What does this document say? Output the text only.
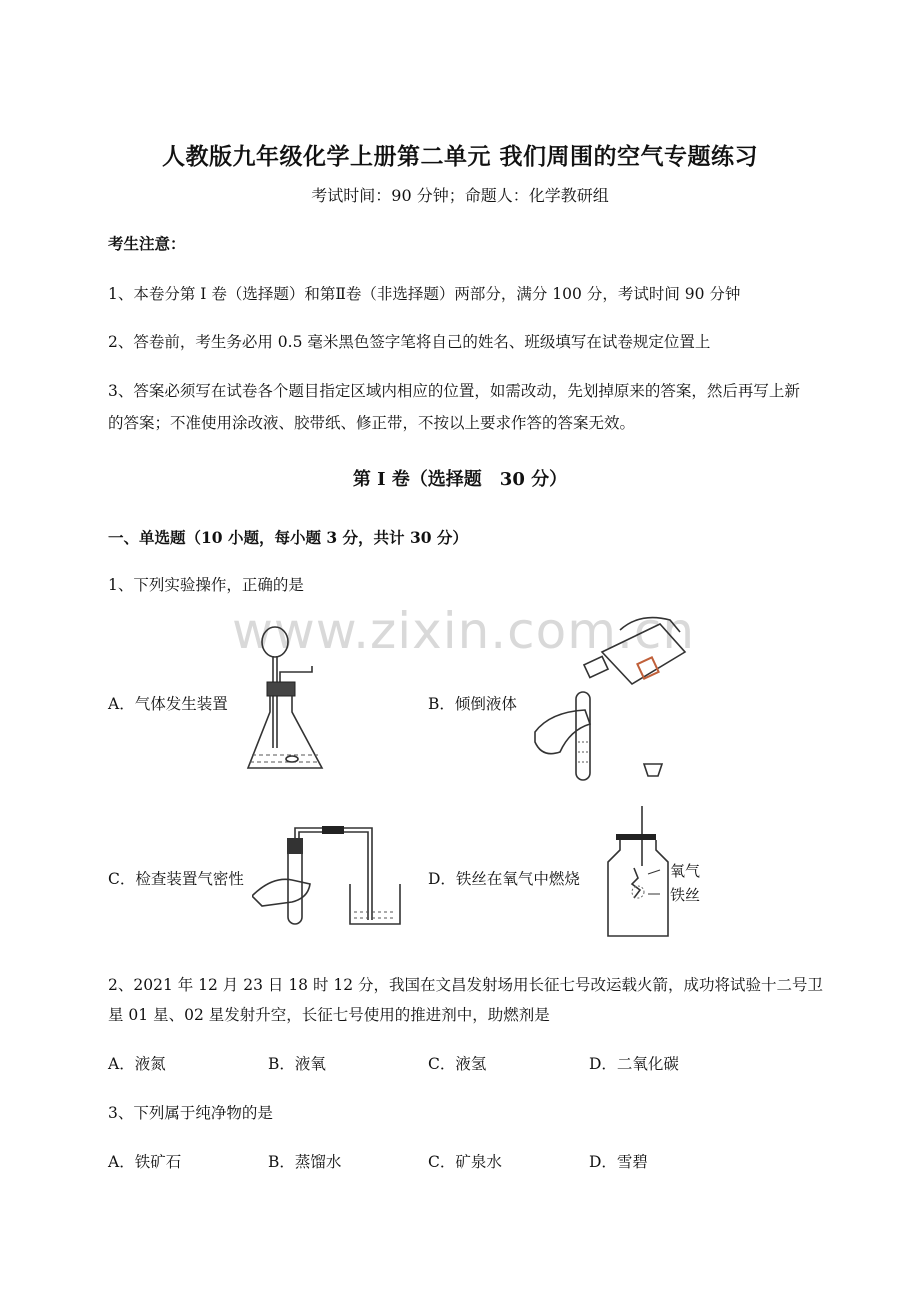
人教版九年级化学上册第二单元 我们周围的空气专题练习
考试时间：90 分钟；命题人：化学教研组
考生注意：
1、本卷分第 I 卷（选择题）和第Ⅱ卷（非选择题）两部分，满分 100 分，考试时间 90 分钟
2、答卷前，考生务必用 0.5 毫米黑色签字笔将自己的姓名、班级填写在试卷规定位置上
3、答案必须写在试卷各个题目指定区域内相应的位置，如需改动，先划掉原来的答案，然后再写上新
的答案；不准使用涂改液、胶带纸、修正带，不按以上要求作答的答案无效。
第 I 卷（选择题　30 分）
一、单选题（10 小题，每小题 3 分，共计 30 分）
1、下列实验操作，正确的是
www.zixin.com.cn
A．气体发生装置	B．倾倒液体
C．检查装置气密性	D．铁丝在氧气中燃烧	氧气
铁丝
2、2021 年 12 月 23 日 18 时 12 分，我国在文昌发射场用长征七号改运载火箭，成功将试验十二号卫
星 01 星、02 星发射升空，长征七号使用的推进剂中，助燃剂是
A．液氮	B．液氧	C．液氢	D．二氧化碳
3、下列属于纯净物的是
A．铁矿石	B．蒸馏水	C．矿泉水	D．雪碧
